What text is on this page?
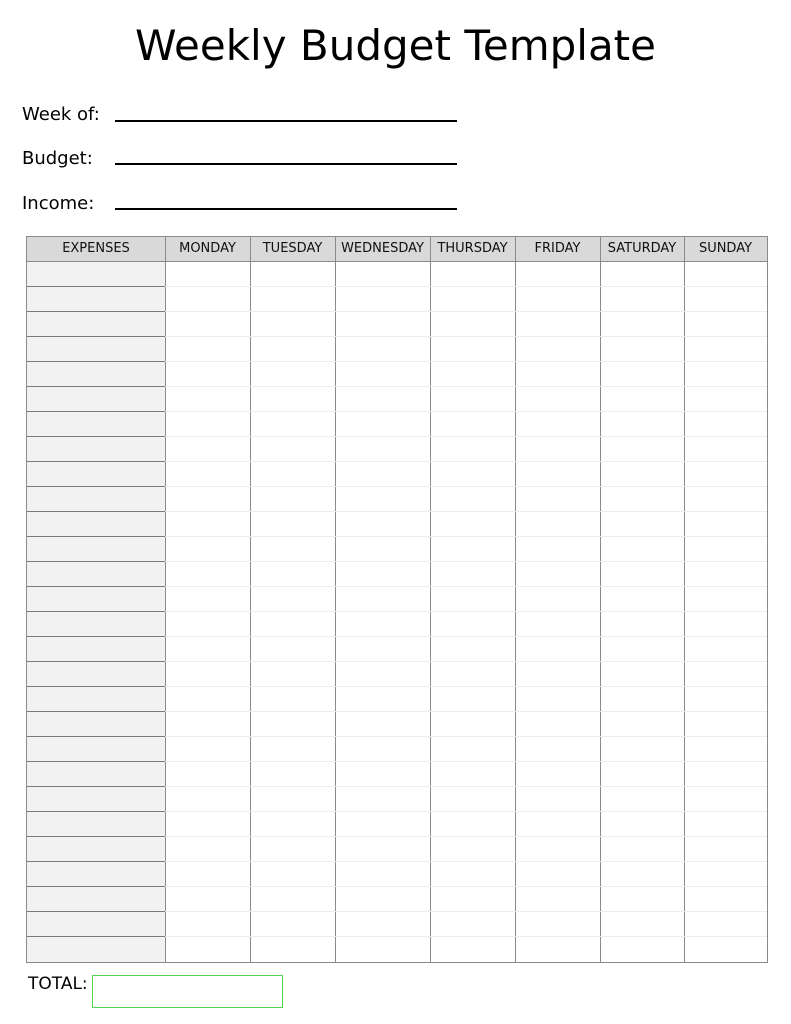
Weekly Budget Template
Week of:
Budget:
Income:
EXPENSES	MONDAY	TUESDAY	WEDNESDAY	THURSDAY	FRIDAY	SATURDAY	SUNDAY
TOTAL:
